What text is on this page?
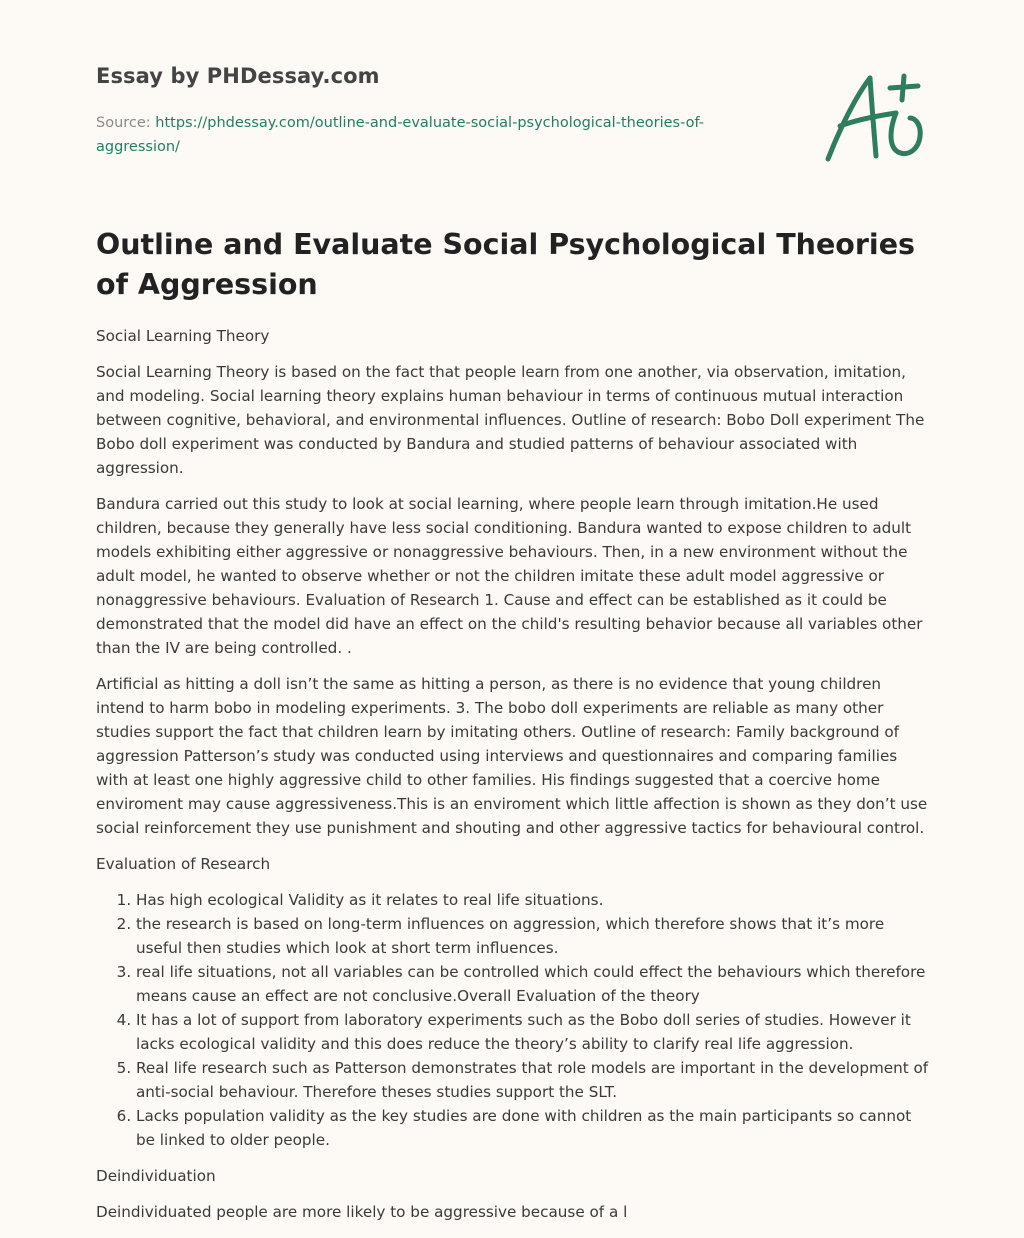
Essay by PHDessay.com
Source: https://phdessay.com/outline-and-evaluate-social-psychological-theories-of-aggression/
Outline and Evaluate Social Psychological Theories of Aggression

Social Learning Theory

Social Learning Theory is based on the fact that people learn from one another, via observation, imitation, and modeling. Social learning theory explains human behaviour in terms of continuous mutual interaction between cognitive, behavioral, and environmental influences. Outline of research: Bobo Doll experiment The Bobo doll experiment was conducted by Bandura and studied patterns of behaviour associated with aggression.

Bandura carried out this study to look at social learning, where people learn through imitation.He used children, because they generally have less social conditioning. Bandura wanted to expose children to adult models exhibiting either aggressive or nonaggressive behaviours. Then, in a new environment without the adult model, he wanted to observe whether or not the children imitate these adult model aggressive or nonaggressive behaviours. Evaluation of Research 1. Cause and effect can be established as it could be demonstrated that the model did have an effect on the child's resulting behavior because all variables other than the IV are being controlled. .

Artificial as hitting a doll isn’t the same as hitting a person, as there is no evidence that young children intend to harm bobo in modeling experiments. 3. The bobo doll experiments are reliable as many other studies support the fact that children learn by imitating others. Outline of research: Family background of aggression Patterson’s study was conducted using interviews and questionnaires and comparing families with at least one highly aggressive child to other families. His findings suggested that a coercive home enviroment may cause aggressiveness.This is an enviroment which little affection is shown as they don’t use social reinforcement they use punishment and shouting and other aggressive tactics for behavioural control.

Evaluation of Research

1. Has high ecological Validity as it relates to real life situations.
2. the research is based on long-term influences on aggression, which therefore shows that it’s more useful then studies which look at short term influences.
3. real life situations, not all variables can be controlled which could effect the behaviours which therefore means cause an effect are not conclusive.Overall Evaluation of the theory
4. It has a lot of support from laboratory experiments such as the Bobo doll series of studies. However it lacks ecological validity and this does reduce the theory’s ability to clarify real life aggression.
5. Real life research such as Patterson demonstrates that role models are important in the development of anti-social behaviour. Therefore theses studies support the SLT.
6. Lacks population validity as the key studies are done with children as the main participants so cannot be linked to older people.

Deindividuation

Deindividuated people are more likely to be aggressive because of a l
